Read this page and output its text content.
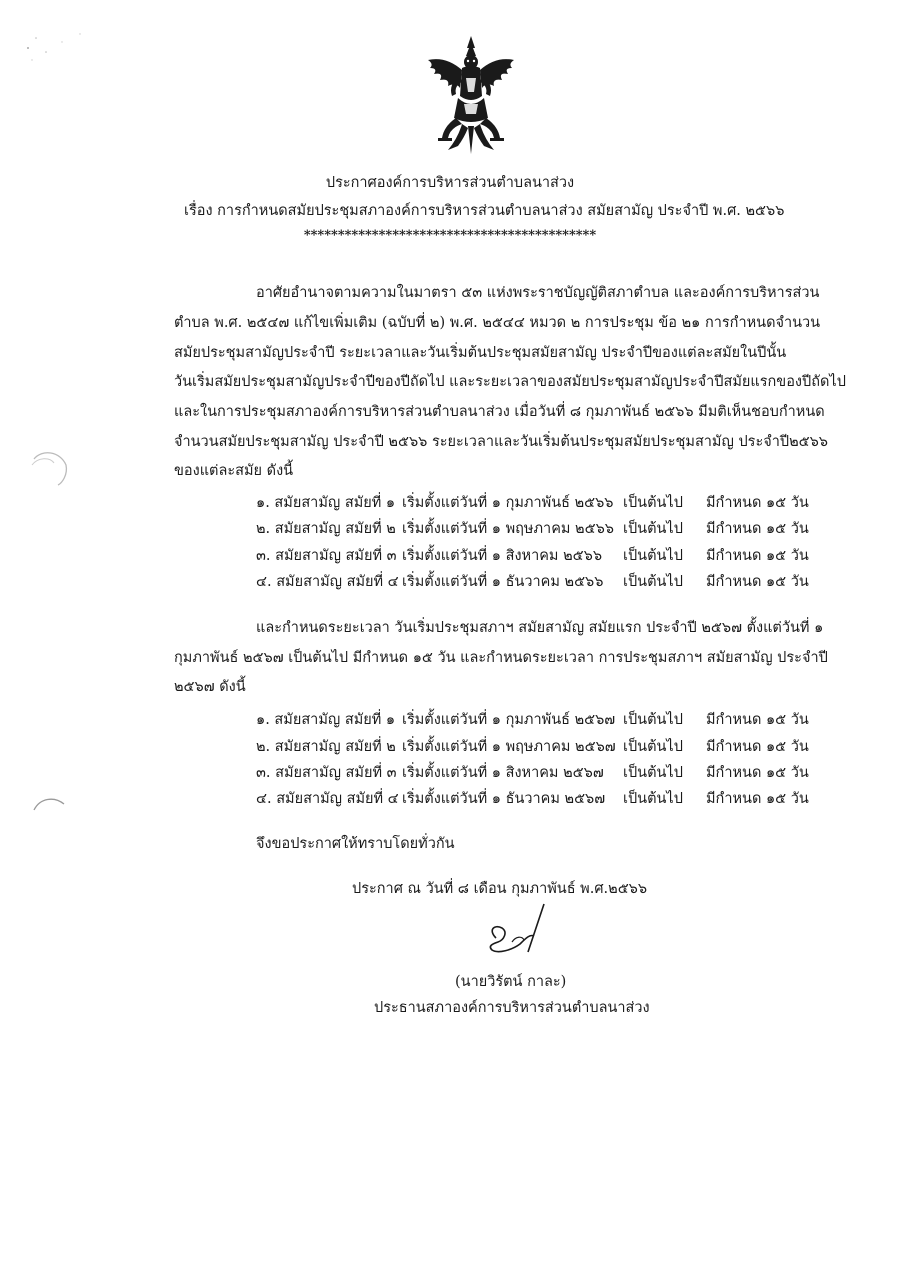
ประกาศองค์การบริหารส่วนตำบลนาส่วง
เรื่อง การกำหนดสมัยประชุมสภาองค์การบริหารส่วนตำบลนาส่วง สมัยสามัญ ประจำปี พ.ศ. ๒๕๖๖
*******************************************
อาศัยอำนาจตามความในมาตรา ๕๓ แห่งพระราชบัญญัติสภาตำบล และองค์การบริหารส่วน
ตำบล พ.ศ. ๒๕๔๗ แก้ไขเพิ่มเติม (ฉบับที่ ๒) พ.ศ. ๒๕๔๔ หมวด ๒ การประชุม ข้อ ๒๑ การกำหนดจำนวน
สมัยประชุมสามัญประจำปี ระยะเวลาและวันเริ่มต้นประชุมสมัยสามัญ ประจำปีของแต่ละสมัยในปีนั้น
วันเริ่มสมัยประชุมสามัญประจำปีของปีถัดไป และระยะเวลาของสมัยประชุมสามัญประจำปีสมัยแรกของปีถัดไป
และในการประชุมสภาองค์การบริหารส่วนตำบลนาส่วง เมื่อวันที่ ๘ กุมภาพันธ์ ๒๕๖๖ มีมติเห็นชอบกำหนด
จำนวนสมัยประชุมสามัญ ประจำปี ๒๕๖๖ ระยะเวลาและวันเริ่มต้นประชุมสมัยประชุมสามัญ ประจำปี๒๕๖๖
ของแต่ละสมัย ดังนี้
๑. สมัยสามัญ สมัยที่ ๑ เริ่มตั้งแต่วันที่ ๑ กุมภาพันธ์ ๒๕๖๖ เป็นต้นไป มีกำหนด ๑๕ วัน
๒. สมัยสามัญ สมัยที่ ๒ เริ่มตั้งแต่วันที่ ๑ พฤษภาคม ๒๕๖๖ เป็นต้นไป มีกำหนด ๑๕ วัน
๓. สมัยสามัญ สมัยที่ ๓ เริ่มตั้งแต่วันที่ ๑ สิงหาคม ๒๕๖๖ เป็นต้นไป มีกำหนด ๑๕ วัน
๔. สมัยสามัญ สมัยที่ ๔ เริ่มตั้งแต่วันที่ ๑ ธันวาคม ๒๕๖๖ เป็นต้นไป มีกำหนด ๑๕ วัน
และกำหนดระยะเวลา วันเริ่มประชุมสภาฯ สมัยสามัญ สมัยแรก ประจำปี ๒๕๖๗ ตั้งแต่วันที่ ๑
กุมภาพันธ์ ๒๕๖๗ เป็นต้นไป มีกำหนด ๑๕ วัน และกำหนดระยะเวลา การประชุมสภาฯ สมัยสามัญ ประจำปี
๒๕๖๗ ดังนี้
๑. สมัยสามัญ สมัยที่ ๑ เริ่มตั้งแต่วันที่ ๑ กุมภาพันธ์ ๒๕๖๗ เป็นต้นไป มีกำหนด ๑๕ วัน
๒. สมัยสามัญ สมัยที่ ๒ เริ่มตั้งแต่วันที่ ๑ พฤษภาคม ๒๕๖๗ เป็นต้นไป มีกำหนด ๑๕ วัน
๓. สมัยสามัญ สมัยที่ ๓ เริ่มตั้งแต่วันที่ ๑ สิงหาคม ๒๕๖๗ เป็นต้นไป มีกำหนด ๑๕ วัน
๔. สมัยสามัญ สมัยที่ ๔ เริ่มตั้งแต่วันที่ ๑ ธันวาคม ๒๕๖๗ เป็นต้นไป มีกำหนด ๑๕ วัน
จึงขอประกาศให้ทราบโดยทั่วกัน
ประกาศ ณ วันที่ ๘ เดือน กุมภาพันธ์ พ.ศ.๒๕๖๖
(นายวิรัตน์ กาละ)
ประธานสภาองค์การบริหารส่วนตำบลนาส่วง
